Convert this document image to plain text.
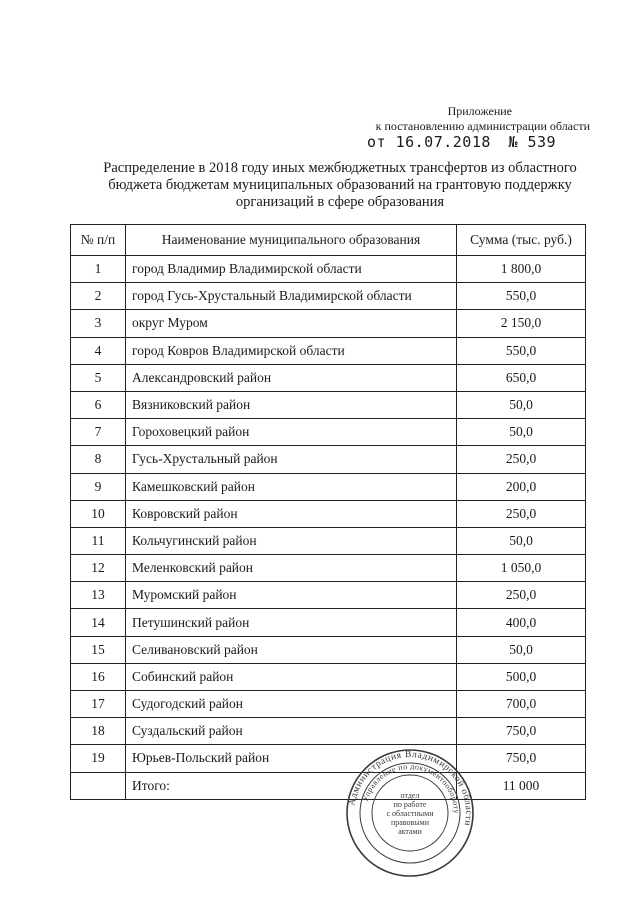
Приложение
к постановлению администрации области
от 16.07.2018 № 539
Распределение в 2018 году иных межбюджетных трансфертов из областного бюджета бюджетам муниципальных образований на грантовую поддержку организаций в сфере образования
№ п/п	Наименование муниципального образования	Сумма (тыс. руб.)
1	город Владимир Владимирской области	1 800,0
2	город Гусь-Хрустальный Владимирской области	550,0
3	округ Муром	2 150,0
4	город Ковров Владимирской области	550,0
5	Александровский район	650,0
6	Вязниковский район	50,0
7	Гороховецкий район	50,0
8	Гусь-Хрустальный район	250,0
9	Камешковский район	200,0
10	Ковровский район	250,0
11	Кольчугинский район	50,0
12	Меленковский район	1 050,0
13	Муромский район	250,0
14	Петушинский район	400,0
15	Селивановский район	50,0
16	Собинский район	500,0
17	Судогодский район	700,0
18	Суздальский район	750,0
19	Юрьев-Польский район	750,0
	Итого:	11 000
Администрация Владимирской области
Управление по документообороту
отдел
по работе
с областными
правовыми
актами
